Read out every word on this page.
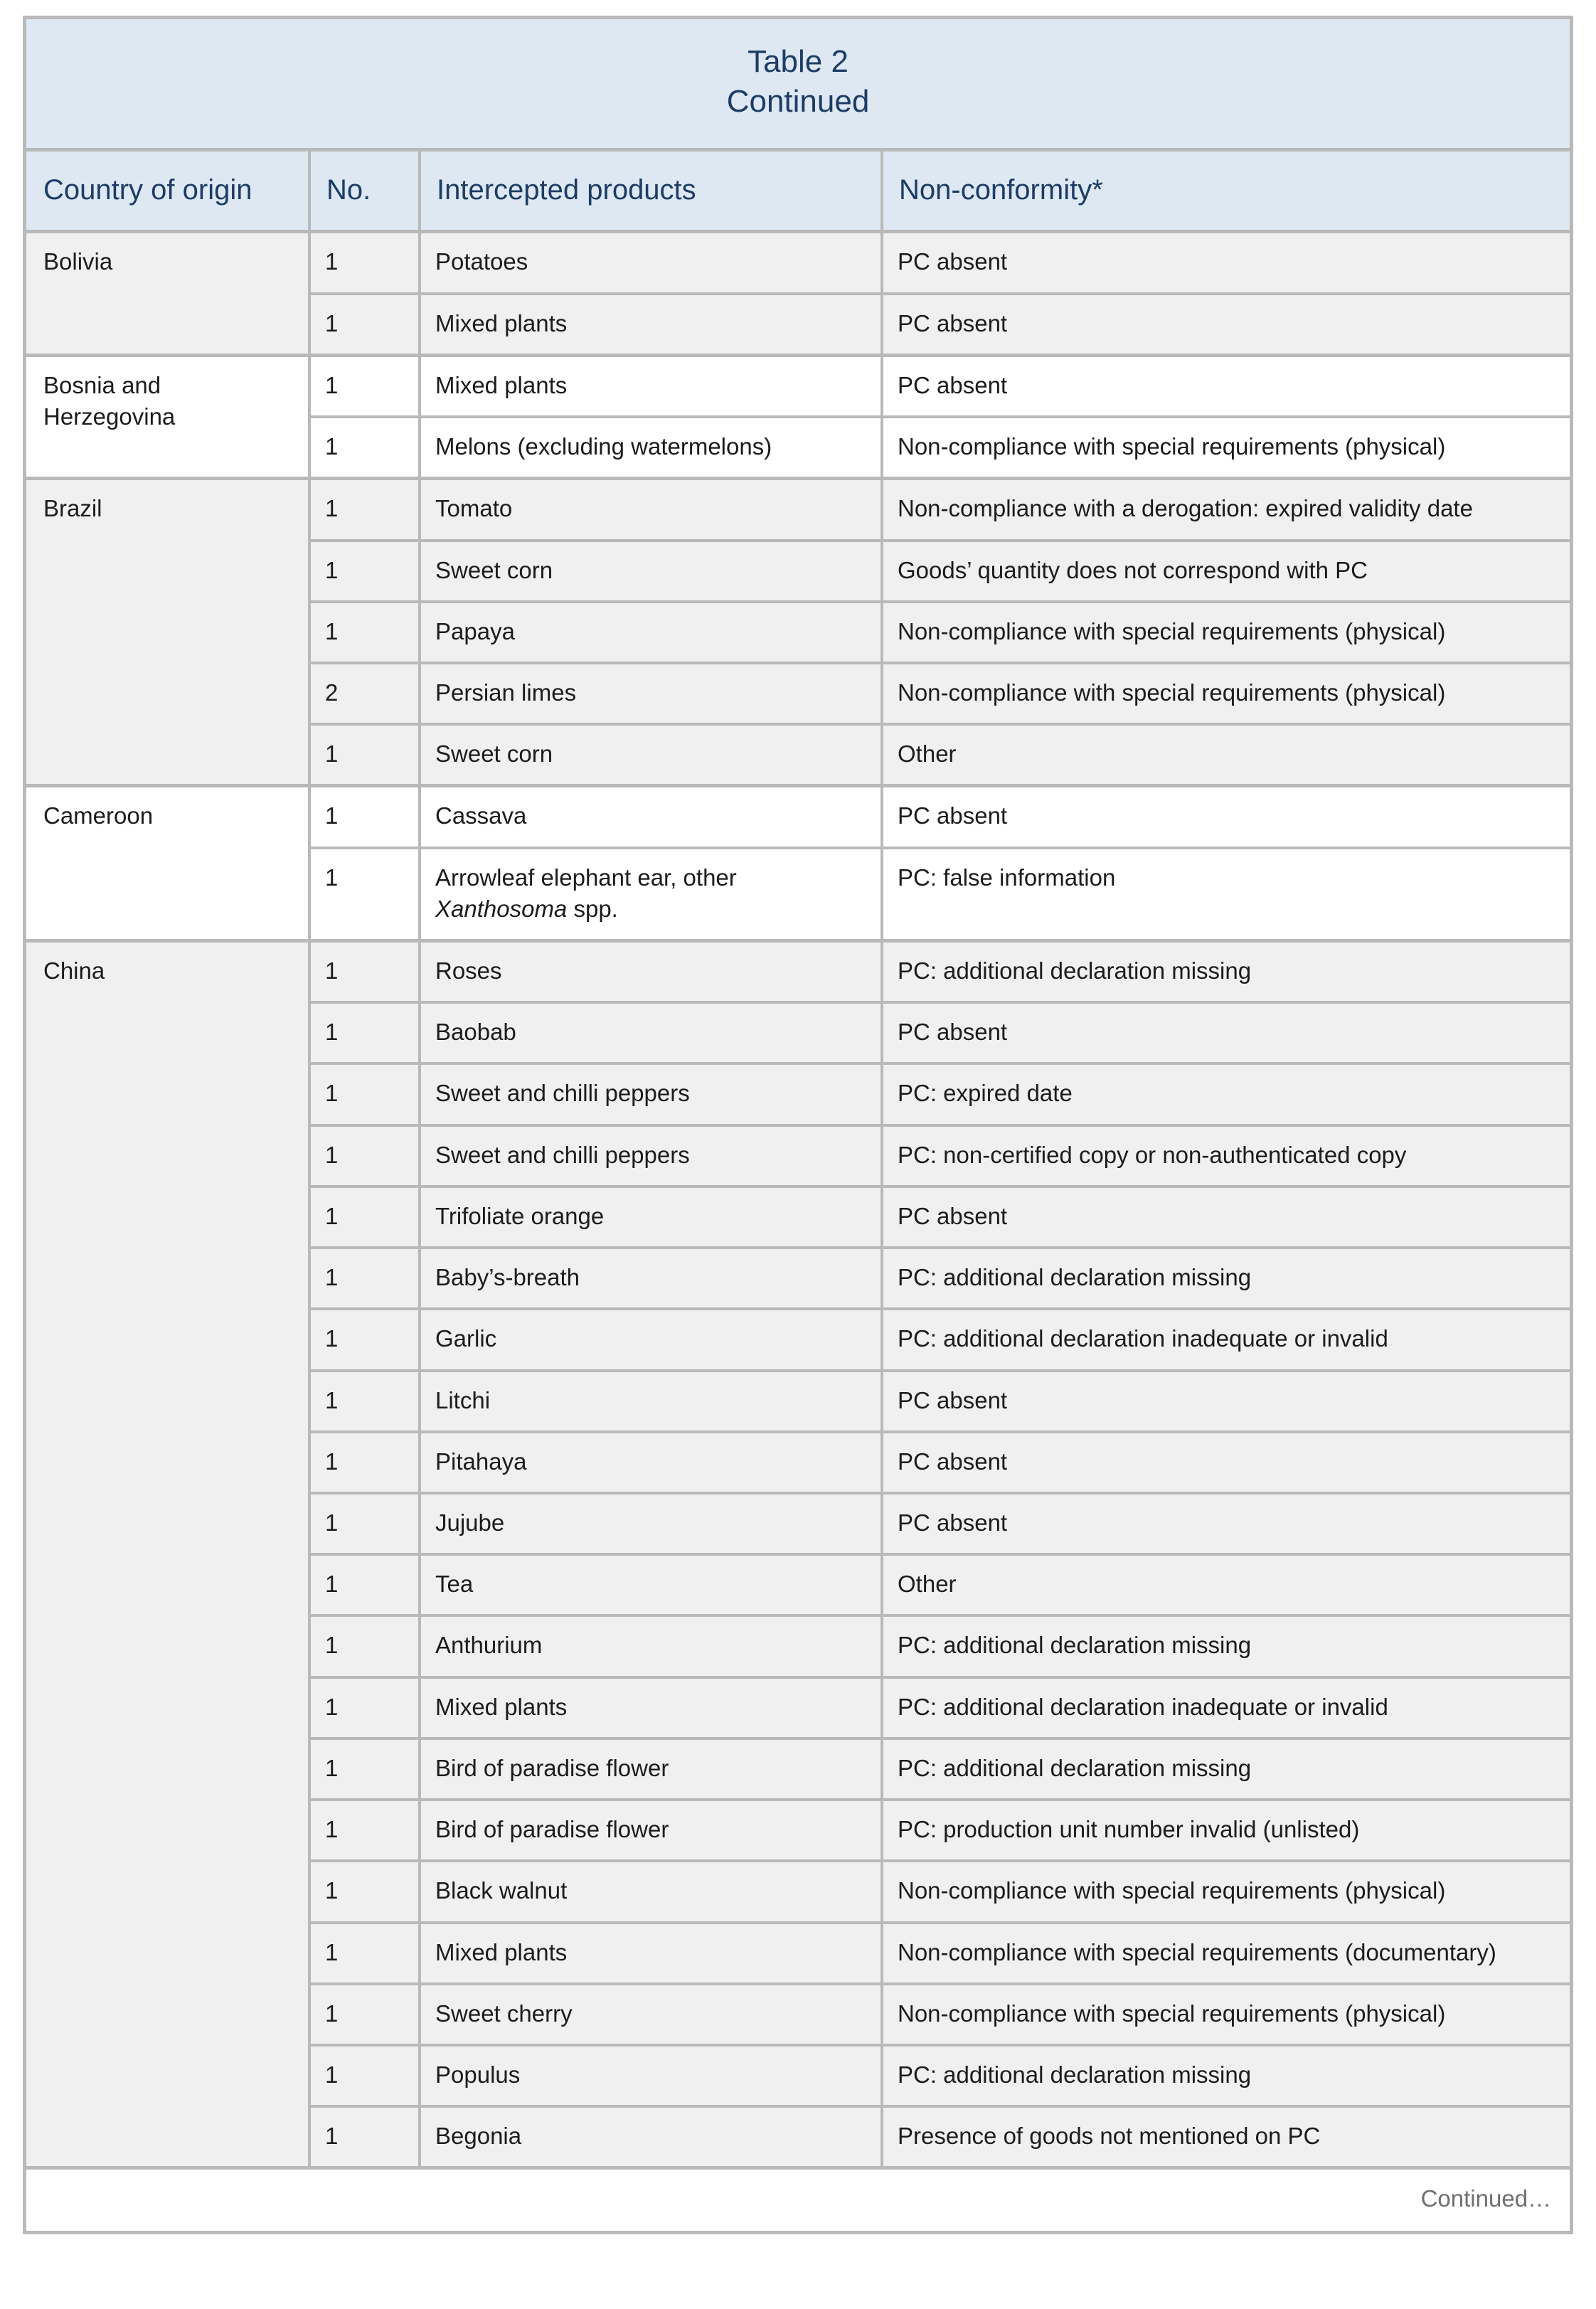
Table 2
Continued			

Country of origin	No.	Intercepted products	Non-conformity*
Bolivia	1	Potatoes	PC absent
	1	Mixed plants	PC absent
Bosnia and Herzegovina	1	Mixed plants	PC absent
	1	Melons (excluding watermelons)	Non-compliance with special requirements (physical)
Brazil	1	Tomato	Non-compliance with a derogation: expired validity date
	1	Sweet corn	Goods’ quantity does not correspond with PC
	1	Papaya	Non-compliance with special requirements (physical)
	2	Persian limes	Non-compliance with special requirements (physical)
	1	Sweet corn	Other
Cameroon	1	Cassava	PC absent
	1	Arrowleaf elephant ear, other Xanthosoma spp.	PC: false information
China	1	Roses	PC: additional declaration missing
	1	Baobab	PC absent
	1	Sweet and chilli peppers	PC: expired date
	1	Sweet and chilli peppers	PC: non-certified copy or non-authenticated copy
	1	Trifoliate orange	PC absent
	1	Baby’s-breath	PC: additional declaration missing
	1	Garlic	PC: additional declaration inadequate or invalid
	1	Litchi	PC absent
	1	Pitahaya	PC absent
	1	Jujube	PC absent
	1	Tea	Other
	1	Anthurium	PC: additional declaration missing
	1	Mixed plants	PC: additional declaration inadequate or invalid
	1	Bird of paradise flower	PC: additional declaration missing
	1	Bird of paradise flower	PC: production unit number invalid (unlisted)
	1	Black walnut	Non-compliance with special requirements (physical)
	1	Mixed plants	Non-compliance with special requirements (documentary)
	1	Sweet cherry	Non-compliance with special requirements (physical)
	1	Populus	PC: additional declaration missing
	1	Begonia	Presence of goods not mentioned on PC
Continued…			
